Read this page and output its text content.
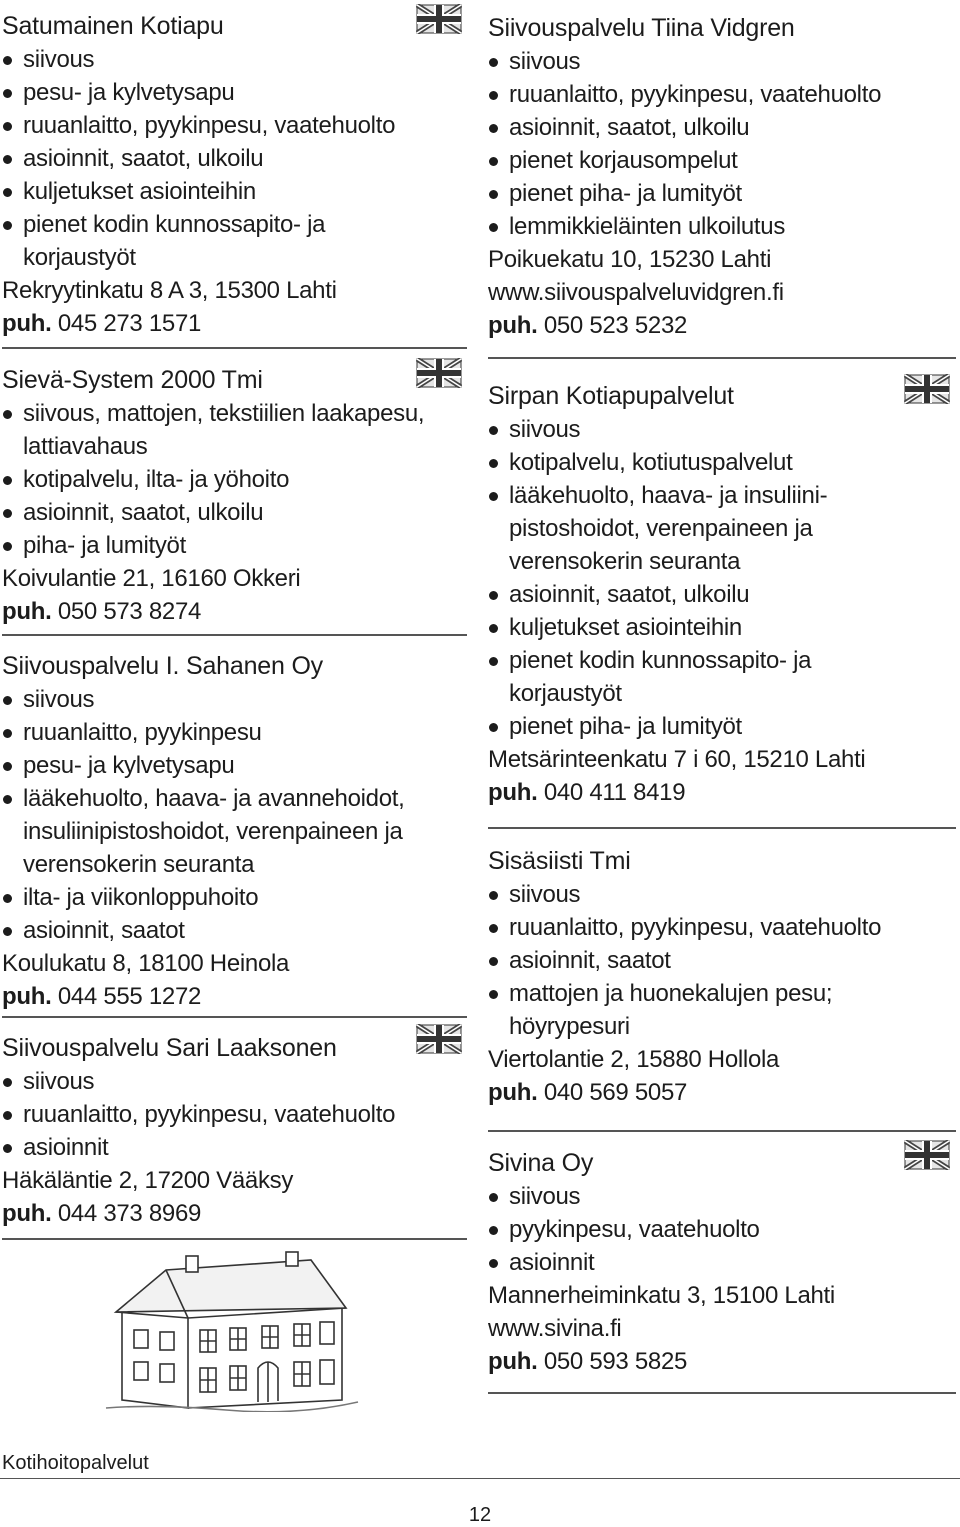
Satumainen Kotiapu
siivous
pesu- ja kylvetysapu
ruuanlaitto, pyykinpesu, vaatehuolto
asioinnit, saatot, ulkoilu
kuljetukset asiointeihin
pienet kodin kunnossapito- ja korjaustyöt
Rekryytinkatu 8 A 3, 15300 Lahti
puh. 045 273 1571
Sievä-System 2000 Tmi
siivous, mattojen, tekstiilien laakapesu, lattiavahaus
kotipalvelu, ilta- ja yöhoito
asioinnit, saatot, ulkoilu
piha- ja lumityöt
Koivulantie 21, 16160 Okkeri
puh. 050 573 8274
Siivouspalvelu I. Sahanen Oy
siivous
ruuanlaitto, pyykinpesu
pesu- ja kylvetysapu
lääkehuolto, haava- ja avannehoidot, insuliinipistoshoidot, verenpaineen ja verensokerin seuranta
ilta- ja viikonloppuhoito
asioinnit, saatot
Koulukatu 8, 18100 Heinola
puh. 044 555 1272
Siivouspalvelu Sari Laaksonen
siivous
ruuanlaitto, pyykinpesu, vaatehuolto
asioinnit
Häkäläntie 2, 17200 Vääksy
puh. 044 373 8969
Siivouspalvelu Tiina Vidgren
siivous
ruuanlaitto, pyykinpesu, vaatehuolto
asioinnit, saatot, ulkoilu
pienet korjausompelut
pienet piha- ja lumityöt
lemmikkieläinten ulkoilutus
Poikuekatu 10, 15230 Lahti
www.siivouspalveluvidgren.fi
puh. 050 523 5232
Sirpan Kotiapupalvelut
siivous
kotipalvelu, kotiutuspalvelut
lääkehuolto, haava- ja insuliini-pistoshoidot, verenpaineen ja verensokerin seuranta
asioinnit, saatot, ulkoilu
kuljetukset asiointeihin
pienet kodin kunnossapito- ja korjaustyöt
pienet piha- ja lumityöt
Metsärinteenkatu 7 i 60, 15210 Lahti
puh. 040 411 8419
Sisäsiisti Tmi
siivous
ruuanlaitto, pyykinpesu, vaatehuolto
asioinnit, saatot
mattojen ja huonekalujen pesu; höyrypesuri
Viertolantie 2, 15880 Hollola
puh. 040 569 5057
Sivina Oy
siivous
pyykinpesu, vaatehuolto
asioinnit
Mannerheiminkatu 3, 15100 Lahti
www.sivina.fi
puh. 050 593 5825
Kotihoitopalvelut
12
